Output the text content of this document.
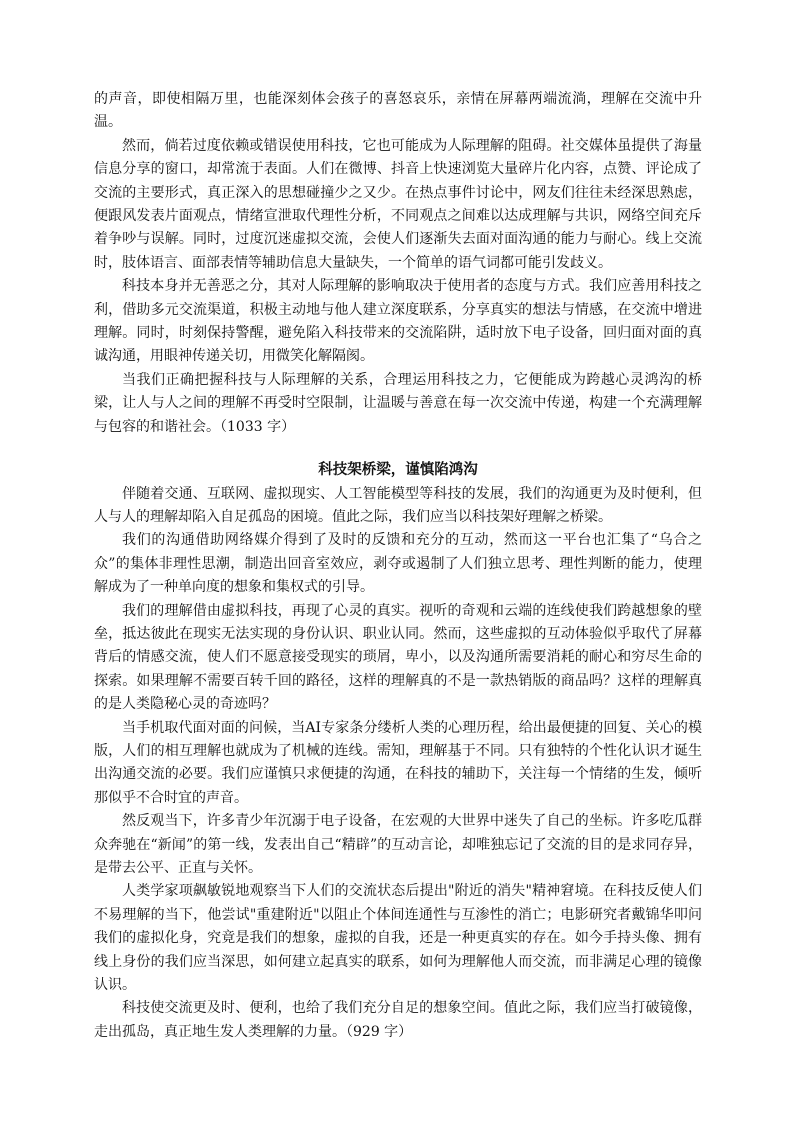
的声音，即使相隔万里，也能深刻体会孩子的喜怒哀乐，亲情在屏幕两端流淌，理解在交流中升温。

然而，倘若过度依赖或错误使用科技，它也可能成为人际理解的阻碍。社交媒体虽提供了海量信息分享的窗口，却常流于表面。人们在微博、抖音上快速浏览大量碎片化内容，点赞、评论成了交流的主要形式，真正深入的思想碰撞少之又少。在热点事件讨论中，网友们往往未经深思熟虑，便跟风发表片面观点，情绪宣泄取代理性分析，不同观点之间难以达成理解与共识，网络空间充斥着争吵与误解。同时，过度沉迷虚拟交流，会使人们逐渐失去面对面沟通的能力与耐心。线上交流时，肢体语言、面部表情等辅助信息大量缺失，一个简单的语气词都可能引发歧义。

科技本身并无善恶之分，其对人际理解的影响取决于使用者的态度与方式。我们应善用科技之利，借助多元交流渠道，积极主动地与他人建立深度联系，分享真实的想法与情感，在交流中增进理解。同时，时刻保持警醒，避免陷入科技带来的交流陷阱，适时放下电子设备，回归面对面的真诚沟通，用眼神传递关切，用微笑化解隔阂。

当我们正确把握科技与人际理解的关系，合理运用科技之力，它便能成为跨越心灵鸿沟的桥梁，让人与人之间的理解不再受时空限制，让温暖与善意在每一次交流中传递，构建一个充满理解与包容的和谐社会。（1033 字）

科技架桥梁，谨慎陷鸿沟

伴随着交通、互联网、虚拟现实、人工智能模型等科技的发展，我们的沟通更为及时便利，但人与人的理解却陷入自足孤岛的困境。值此之际，我们应当以科技架好理解之桥梁。

我们的沟通借助网络媒介得到了及时的反馈和充分的互动，然而这一平台也汇集了“乌合之众”的集体非理性思潮，制造出回音室效应，剥夺或遏制了人们独立思考、理性判断的能力，使理解成为了一种单向度的想象和集权式的引导。

我们的理解借由虚拟科技，再现了心灵的真实。视听的奇观和云端的连线使我们跨越想象的壁垒，抵达彼此在现实无法实现的身份认识、职业认同。然而，这些虚拟的互动体验似乎取代了屏幕背后的情感交流，使人们不愿意接受现实的琐屑，卑小，以及沟通所需要消耗的耐心和穷尽生命的探索。如果理解不需要百转千回的路径，这样的理解真的不是一款热销版的商品吗？这样的理解真的是人类隐秘心灵的奇迹吗？

当手机取代面对面的问候，当AI专家条分缕析人类的心理历程，给出最便捷的回复、关心的模版，人们的相互理解也就成为了机械的连线。需知，理解基于不同。只有独特的个性化认识才诞生出沟通交流的必要。我们应谨慎只求便捷的沟通，在科技的辅助下，关注每一个情绪的生发，倾听那似乎不合时宜的声音。

然反观当下，许多青少年沉溺于电子设备，在宏观的大世界中迷失了自己的坐标。许多吃瓜群众奔驰在“新闻”的第一线，发表出自己“精辟”的互动言论，却唯独忘记了交流的目的是求同存异，是带去公平、正直与关怀。

人类学家项飙敏锐地观察当下人们的交流状态后提出"附近的消失"精神窘境。在科技反使人们不易理解的当下，他尝试"重建附近"以阻止个体间连通性与互渗性的消亡；电影研究者戴锦华叩问我们的虚拟化身，究竟是我们的想象，虚拟的自我，还是一种更真实的存在。如今手持头像、拥有线上身份的我们应当深思，如何建立起真实的联系，如何为理解他人而交流，而非满足心理的镜像认识。

科技使交流更及时、便利，也给了我们充分自足的想象空间。值此之际，我们应当打破镜像，走出孤岛，真正地生发人类理解的力量。（929 字）
